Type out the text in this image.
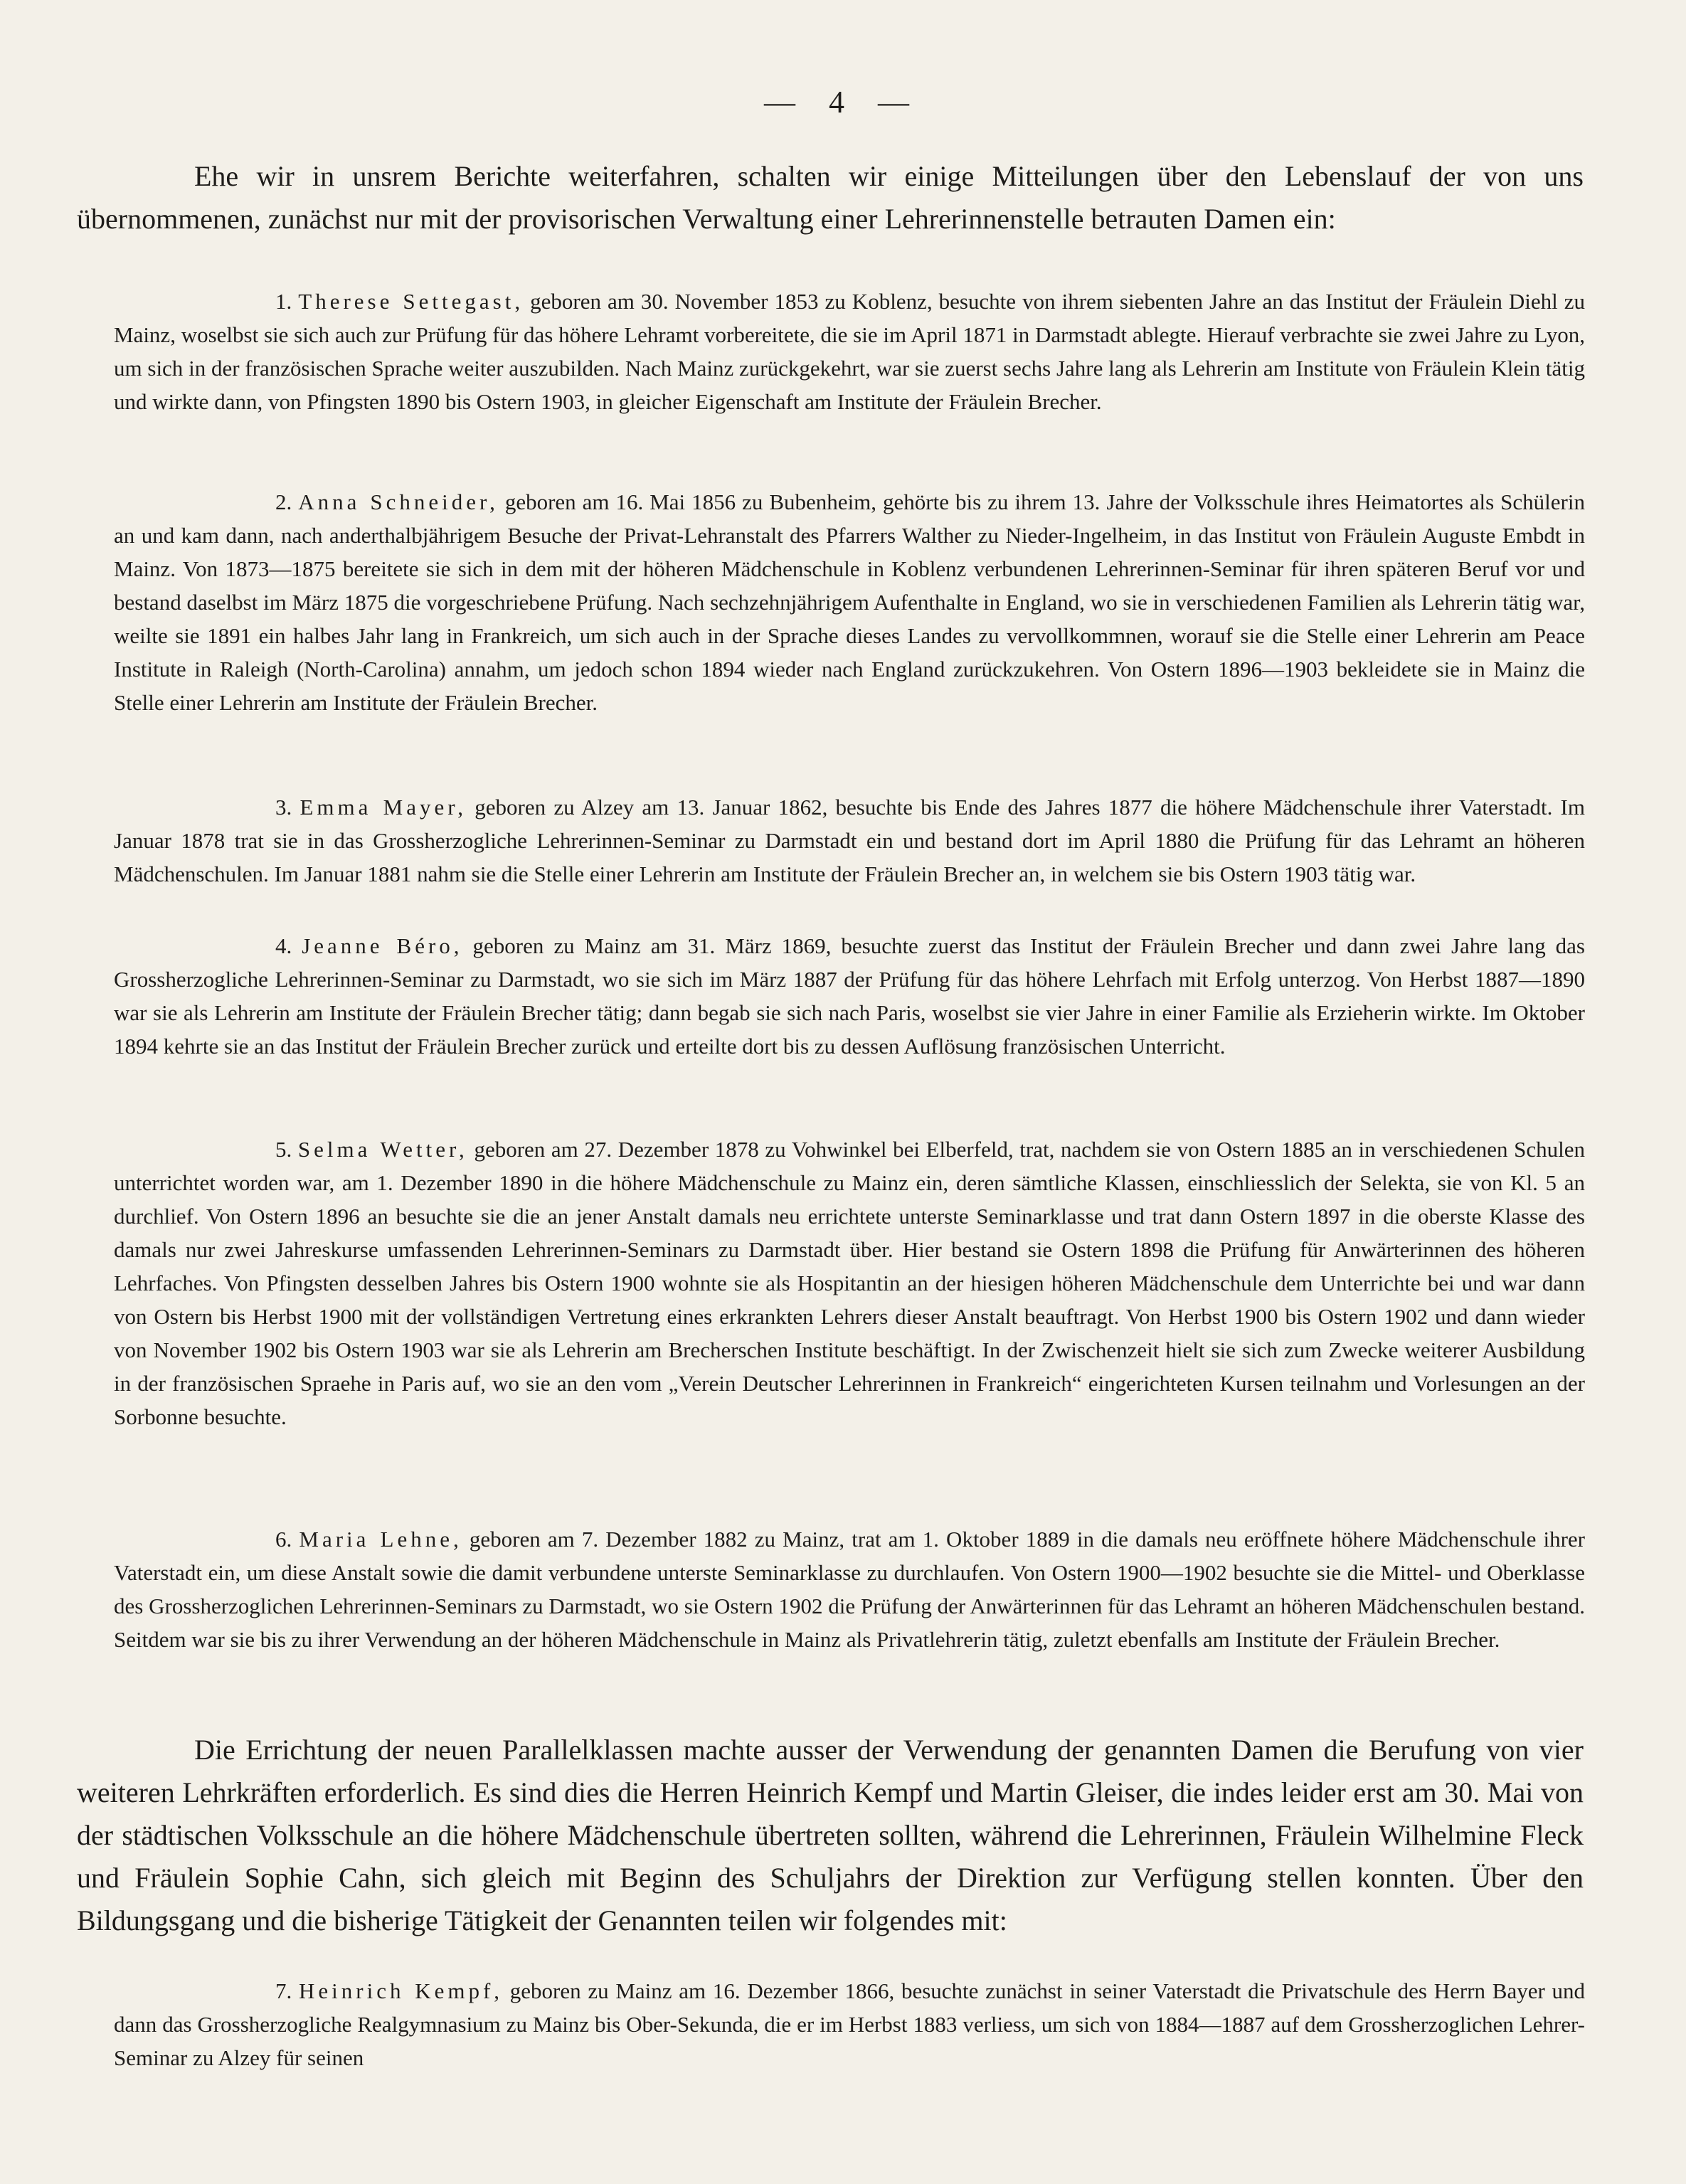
— 4 —

Ehe wir in unsrem Berichte weiterfahren, schalten wir einige Mitteilungen über den Lebenslauf der von uns übernommenen, zunächst nur mit der provisorischen Verwaltung einer Lehrerinnenstelle betrauten Damen ein:

1. Therese Settegast, geboren am 30. November 1853 zu Koblenz, besuchte von ihrem siebenten Jahre an das Institut der Fräulein Diehl zu Mainz, woselbst sie sich auch zur Prüfung für das höhere Lehramt vorbereitete, die sie im April 1871 in Darmstadt ablegte. Hierauf verbrachte sie zwei Jahre zu Lyon, um sich in der französischen Sprache weiter auszubilden. Nach Mainz zurückgekehrt, war sie zuerst sechs Jahre lang als Lehrerin am Institute von Fräulein Klein tätig und wirkte dann, von Pfingsten 1890 bis Ostern 1903, in gleicher Eigenschaft am Institute der Fräulein Brecher.

2. Anna Schneider, geboren am 16. Mai 1856 zu Bubenheim, gehörte bis zu ihrem 13. Jahre der Volksschule ihres Heimatortes als Schülerin an und kam dann, nach anderthalbjährigem Besuche der Privat-Lehranstalt des Pfarrers Walther zu Nieder-Ingelheim, in das Institut von Fräulein Auguste Embdt in Mainz. Von 1873—1875 bereitete sie sich in dem mit der höheren Mädchenschule in Koblenz verbundenen Lehrerinnen-Seminar für ihren späteren Beruf vor und bestand daselbst im März 1875 die vorgeschriebene Prüfung. Nach sechzehnjährigem Aufenthalte in England, wo sie in verschiedenen Familien als Lehrerin tätig war, weilte sie 1891 ein halbes Jahr lang in Frankreich, um sich auch in der Sprache dieses Landes zu vervollkommnen, worauf sie die Stelle einer Lehrerin am Peace Institute in Raleigh (North-Carolina) annahm, um jedoch schon 1894 wieder nach England zurückzukehren. Von Ostern 1896—1903 bekleidete sie in Mainz die Stelle einer Lehrerin am Institute der Fräulein Brecher.

3. Emma Mayer, geboren zu Alzey am 13. Januar 1862, besuchte bis Ende des Jahres 1877 die höhere Mädchenschule ihrer Vaterstadt. Im Januar 1878 trat sie in das Grossherzogliche Lehrerinnen-Seminar zu Darmstadt ein und bestand dort im April 1880 die Prüfung für das Lehramt an höheren Mädchenschulen. Im Januar 1881 nahm sie die Stelle einer Lehrerin am Institute der Fräulein Brecher an, in welchem sie bis Ostern 1903 tätig war.

4. Jeanne Béro, geboren zu Mainz am 31. März 1869, besuchte zuerst das Institut der Fräulein Brecher und dann zwei Jahre lang das Grossherzogliche Lehrerinnen-Seminar zu Darmstadt, wo sie sich im März 1887 der Prüfung für das höhere Lehrfach mit Erfolg unterzog. Von Herbst 1887—1890 war sie als Lehrerin am Institute der Fräulein Brecher tätig; dann begab sie sich nach Paris, woselbst sie vier Jahre in einer Familie als Erzieherin wirkte. Im Oktober 1894 kehrte sie an das Institut der Fräulein Brecher zurück und erteilte dort bis zu dessen Auflösung französischen Unterricht.

5. Selma Wetter, geboren am 27. Dezember 1878 zu Vohwinkel bei Elberfeld, trat, nachdem sie von Ostern 1885 an in verschiedenen Schulen unterrichtet worden war, am 1. Dezember 1890 in die höhere Mädchenschule zu Mainz ein, deren sämtliche Klassen, einschliesslich der Selekta, sie von Kl. 5 an durchlief. Von Ostern 1896 an besuchte sie die an jener Anstalt damals neu errichtete unterste Seminarklasse und trat dann Ostern 1897 in die oberste Klasse des damals nur zwei Jahreskurse umfassenden Lehrerinnen-Seminars zu Darmstadt über. Hier bestand sie Ostern 1898 die Prüfung für Anwärterinnen des höheren Lehrfaches. Von Pfingsten desselben Jahres bis Ostern 1900 wohnte sie als Hospitantin an der hiesigen höheren Mädchenschule dem Unterrichte bei und war dann von Ostern bis Herbst 1900 mit der vollständigen Vertretung eines erkrankten Lehrers dieser Anstalt beauftragt. Von Herbst 1900 bis Ostern 1902 und dann wieder von November 1902 bis Ostern 1903 war sie als Lehrerin am Brecherschen Institute beschäftigt. In der Zwischenzeit hielt sie sich zum Zwecke weiterer Ausbildung in der französischen Spraehe in Paris auf, wo sie an den vom „Verein Deutscher Lehrerinnen in Frankreich“ eingerichteten Kursen teilnahm und Vorlesungen an der Sorbonne besuchte.

6. Maria Lehne, geboren am 7. Dezember 1882 zu Mainz, trat am 1. Oktober 1889 in die damals neu eröffnete höhere Mädchenschule ihrer Vaterstadt ein, um diese Anstalt sowie die damit verbundene unterste Seminarklasse zu durchlaufen. Von Ostern 1900—1902 besuchte sie die Mittel- und Oberklasse des Grossherzoglichen Lehrerinnen-Seminars zu Darmstadt, wo sie Ostern 1902 die Prüfung der Anwärterinnen für das Lehramt an höheren Mädchenschulen bestand. Seitdem war sie bis zu ihrer Verwendung an der höheren Mädchenschule in Mainz als Privatlehrerin tätig, zuletzt ebenfalls am Institute der Fräulein Brecher.

Die Errichtung der neuen Parallelklassen machte ausser der Verwendung der genannten Damen die Berufung von vier weiteren Lehrkräften erforderlich. Es sind dies die Herren Heinrich Kempf und Martin Gleiser, die indes leider erst am 30. Mai von der städtischen Volksschule an die höhere Mädchenschule übertreten sollten, während die Lehrerinnen, Fräulein Wilhelmine Fleck und Fräulein Sophie Cahn, sich gleich mit Beginn des Schuljahrs der Direktion zur Verfügung stellen konnten. Über den Bildungsgang und die bisherige Tätigkeit der Genannten teilen wir folgendes mit:

7. Heinrich Kempf, geboren zu Mainz am 16. Dezember 1866, besuchte zunächst in seiner Vaterstadt die Privatschule des Herrn Bayer und dann das Grossherzogliche Realgymnasium zu Mainz bis Ober-Sekunda, die er im Herbst 1883 verliess, um sich von 1884—1887 auf dem Grossherzoglichen Lehrer-Seminar zu Alzey für seinen
